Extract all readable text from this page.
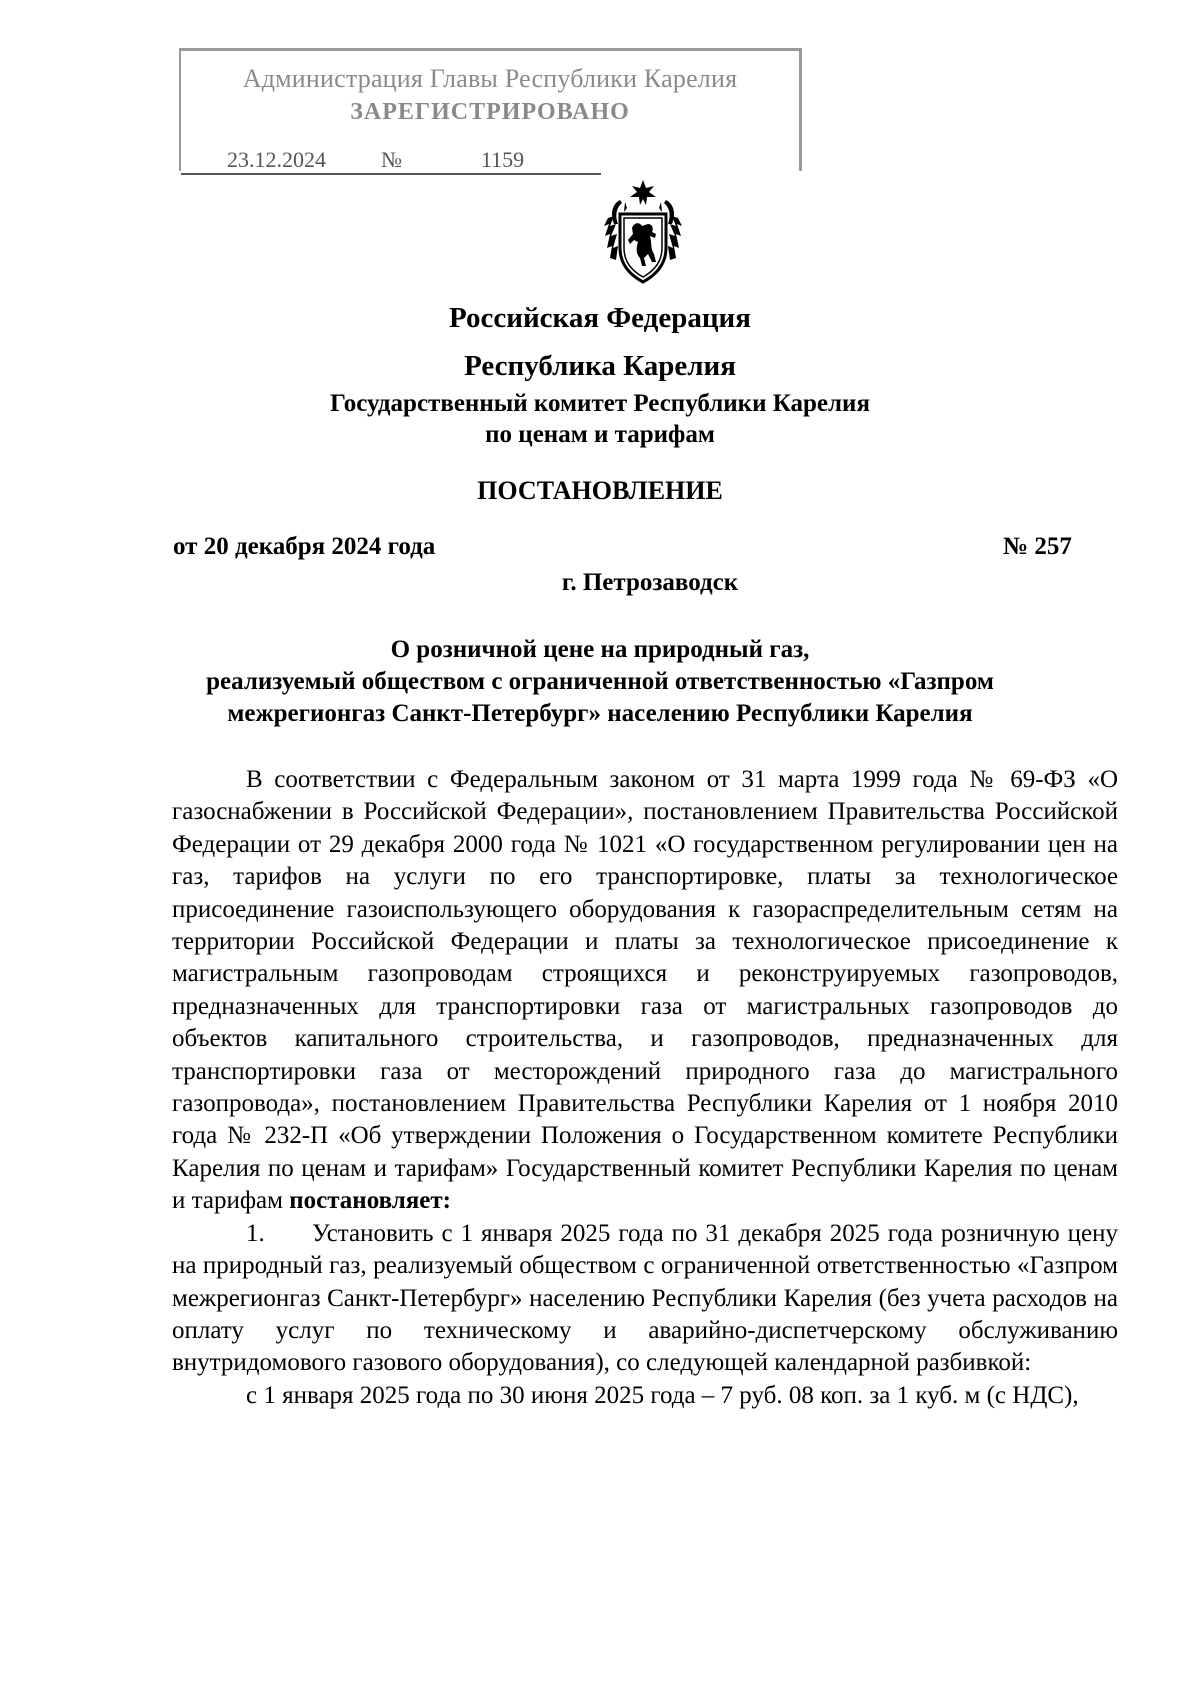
Администрация Главы Республики Карелия
ЗАРЕГИСТРИРОВАНО
23.12.2024	№	1159
Российская Федерация
Республика Карелия
Государственный комитет Республики Карелия
по ценам и тарифам
ПОСТАНОВЛЕНИЕ
от 20 декабря 2024 года	№ 257
г. Петрозаводск
О розничной цене на природный газ,
реализуемый обществом с ограниченной ответственностью «Газпром
межрегионгаз Санкт-Петербург» населению Республики Карелия

В соответствии с Федеральным законом от 31 марта 1999 года № 69-ФЗ «О газоснабжении в Российской Федерации», постановлением Правительства Российской Федерации от 29 декабря 2000 года № 1021 «О государственном регулировании цен на газ, тарифов на услуги по его транспортировке, платы за технологическое присоединение газоиспользующего оборудования к газораспределительным сетям на территории Российской Федерации и платы за технологическое присоединение к магистральным газопроводам строящихся и реконструируемых газопроводов, предназначенных для транспортировки газа от магистральных газопроводов до объектов капитального строительства, и газопроводов, предназначенных для транспортировки газа от месторождений природного газа до магистрального газопровода», постановлением Правительства Республики Карелия от 1 ноября 2010 года № 232-П «Об утверждении Положения о Государственном комитете Республики Карелия по ценам и тарифам» Государственный комитет Республики Карелия по ценам и тарифам постановляет:

1. Установить с 1 января 2025 года по 31 декабря 2025 года розничную цену на природный газ, реализуемый обществом с ограниченной ответственностью «Газпром межрегионгаз Санкт-Петербург» населению Республики Карелия (без учета расходов на оплату услуг по техническому и аварийно-диспетчерскому обслуживанию внутридомового газового оборудования), со следующей календарной разбивкой:

с 1 января 2025 года по 30 июня 2025 года – 7 руб. 08 коп. за 1 куб. м (с НДС),
